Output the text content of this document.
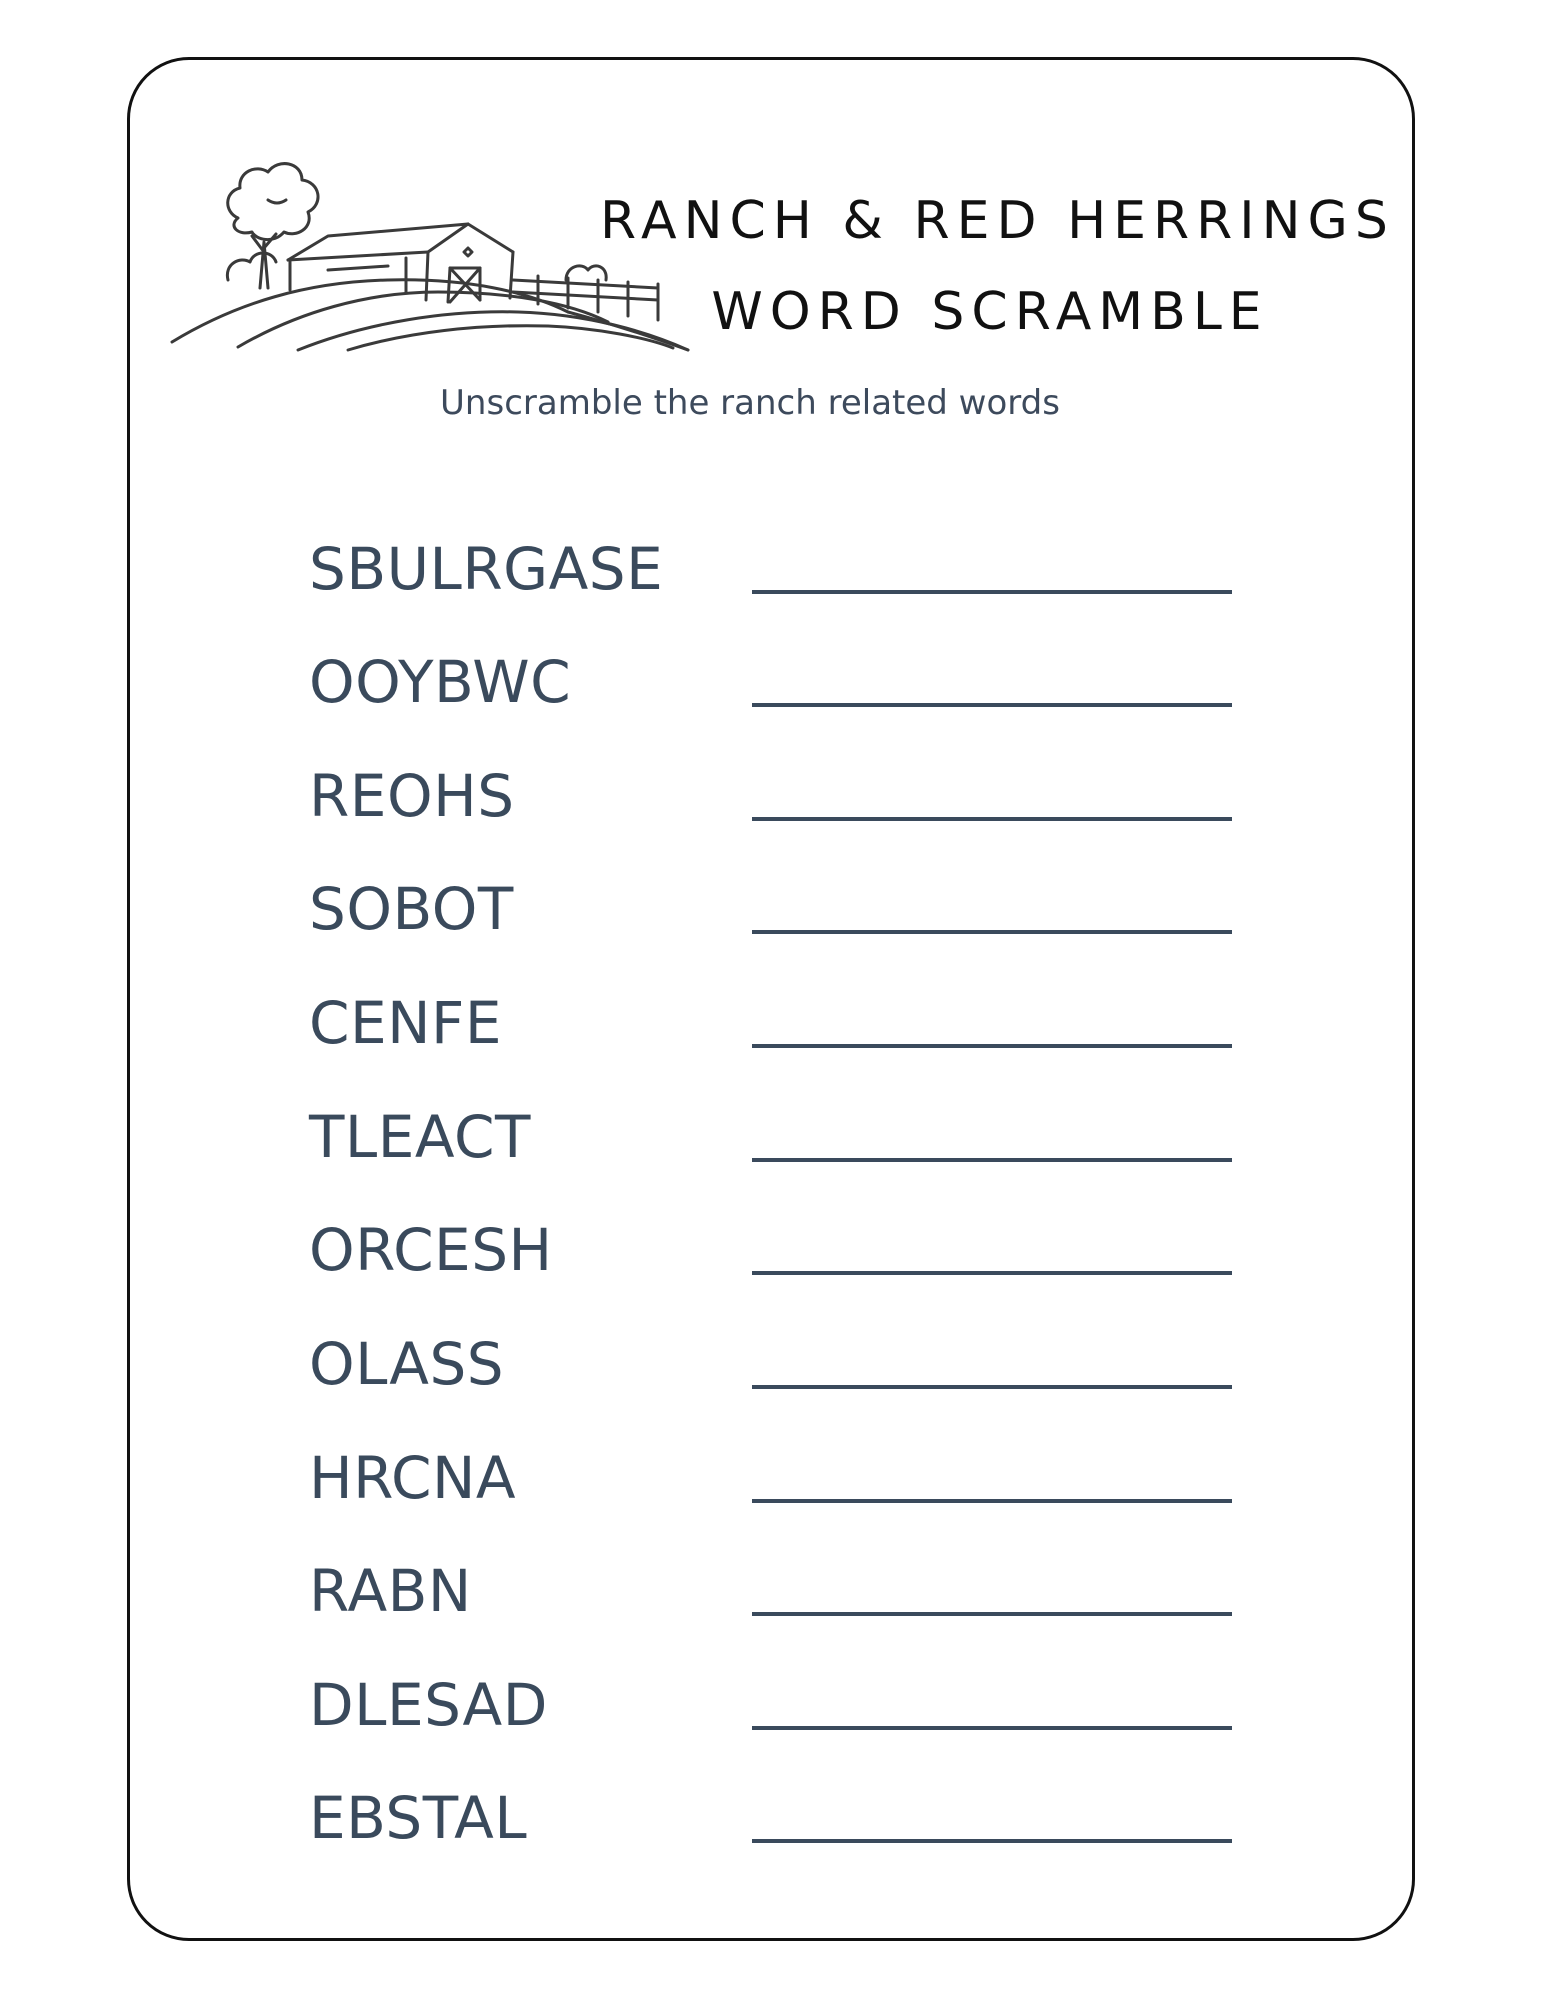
RANCH & RED HERRINGS
WORD SCRAMBLE
Unscramble the ranch related words
SBULRGASE
OOYBWC
REOHS
SOBOT
CENFE
TLEACT
ORCESH
OLASS
HRCNA
RABN
DLESAD
EBSTAL
